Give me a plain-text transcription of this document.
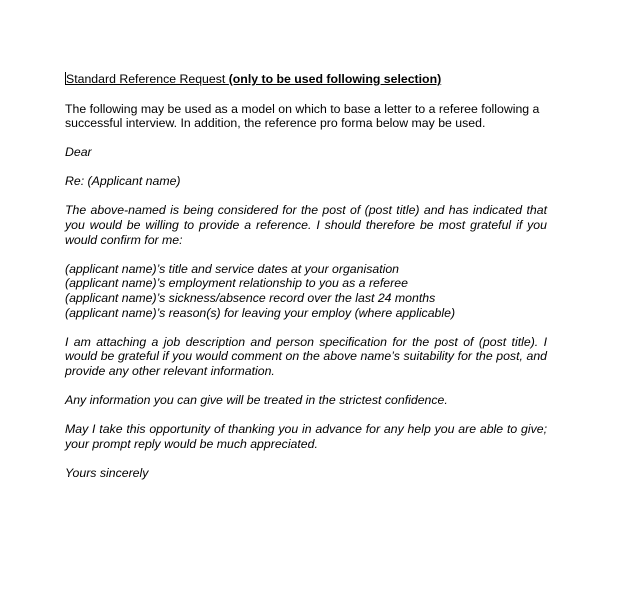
Standard Reference Request (only to be used following selection)

The following may be used as a model on which to base a letter to a referee following a successful interview. In addition, the reference pro forma below may be used.

Dear

Re: (Applicant name)

The above-named is being considered for the post of (post title) and has indicated that you would be willing to provide a reference. I should therefore be most grateful if you would confirm for me:

(applicant name)’s title and service dates at your organisation
(applicant name)’s employment relationship to you as a referee
(applicant name)’s sickness/absence record over the last 24 months
(applicant name)’s reason(s) for leaving your employ (where applicable)

I am attaching a job description and person specification for the post of (post title). I would be grateful if you would comment on the above name’s suitability for the post, and provide any other relevant information.

Any information you can give will be treated in the strictest confidence.

May I take this opportunity of thanking you in advance for any help you are able to give; your prompt reply would be much appreciated.

Yours sincerely
